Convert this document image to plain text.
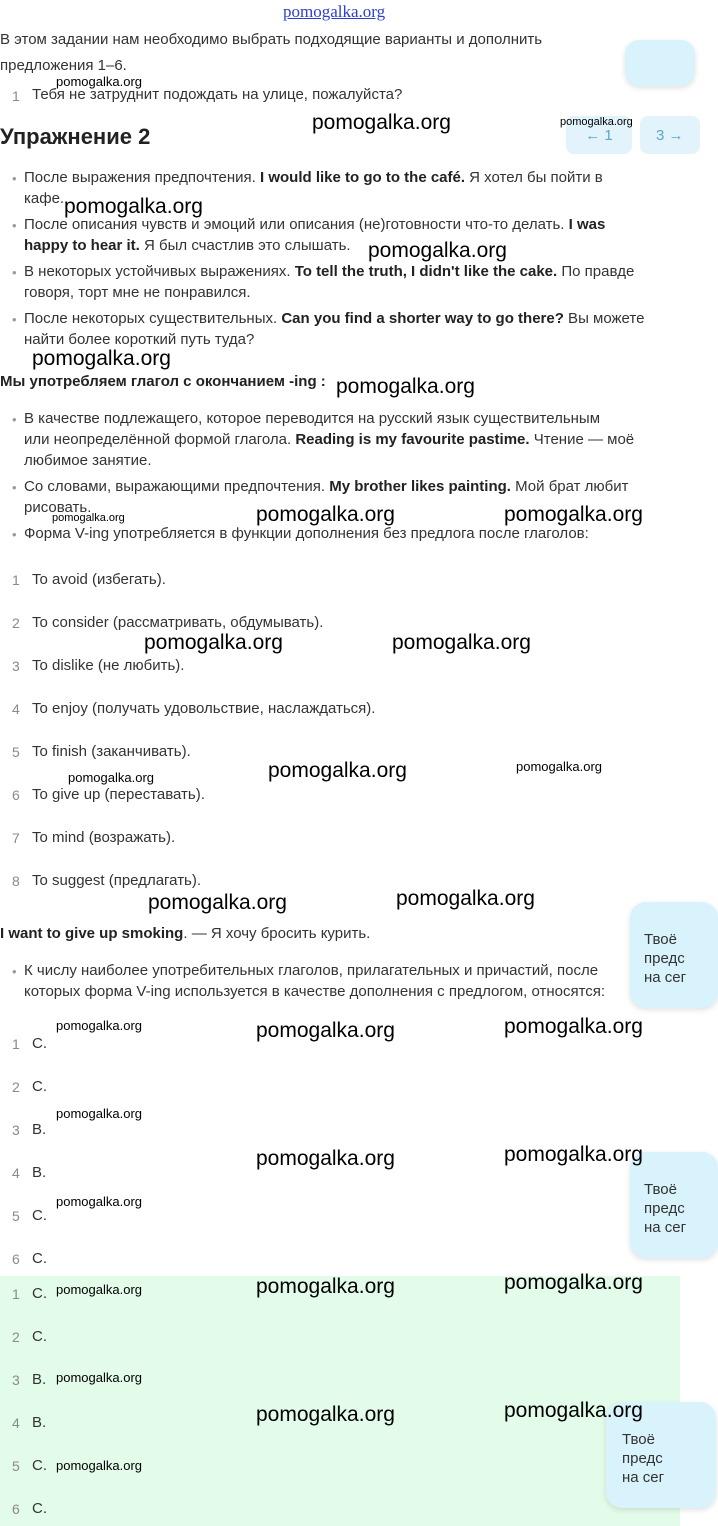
pomogalka.org
В этом задании нам необходимо выбрать подходящие варианты и дополнить
предложения 1–6.
1 Тебя не затруднит подождать на улице, пожалуйста?
Упражнение 2	← 1	3 →
• После выражения предпочтения. I would like to go to the café. Я хотел бы пойти в
кафе.
• После описания чувств и эмоций или описания (не)готовности что-то делать. I was
happy to hear it. Я был счастлив это слышать.
• В некоторых устойчивых выражениях. To tell the truth, I didn't like the cake. По правде
говоря, торт мне не понравился.
• После некоторых существительных. Can you find a shorter way to go there? Вы можете
найти более короткий путь туда?
Мы употребляем глагол с окончанием -ing :
• В качестве подлежащего, которое переводится на русский язык существительным
или неопределённой формой глагола. Reading is my favourite pastime. Чтение — моё
любимое занятие.
• Со словами, выражающими предпочтения. My brother likes painting. Мой брат любит
рисовать.
• Форма V-ing употребляется в функции дополнения без предлога после глаголов:
1 To avoid (избегать).
2 To consider (рассматривать, обдумывать).
3 To dislike (не любить).
4 To enjoy (получать удовольствие, наслаждаться).
5 To finish (заканчивать).
6 To give up (переставать).
7 To mind (возражать).
8 To suggest (предлагать).
I want to give up smoking. — Я хочу бросить курить.
• К числу наиболее употребительных глаголов, прилагательных и причастий, после
которых форма V-ing используется в качестве дополнения с предлогом, относятся:
1 C.
2 C.
3 B.
4 B.
5 C.
6 C.
1 C.
2 C.
3 B.
4 B.
5 C.
6 C.
Твоё
предс
на сег
Твоё
предс
на сег
Твоё
предс
на сег
pomogalka.org
pomogalka.org	pomogalka.org
pomogalka.org
pomogalka.org
pomogalka.org
pomogalka.org
pomogalka.org	pomogalka.org	pomogalka.org
pomogalka.org	pomogalka.org
pomogalka.org	pomogalka.org	pomogalka.org
pomogalka.org	pomogalka.org
pomogalka.org	pomogalka.org	pomogalka.org
pomogalka.org
pomogalka.org	pomogalka.org
pomogalka.org
pomogalka.org	pomogalka.org	pomogalka.org
pomogalka.org
pomogalka.org	pomogalka.org
pomogalka.org
